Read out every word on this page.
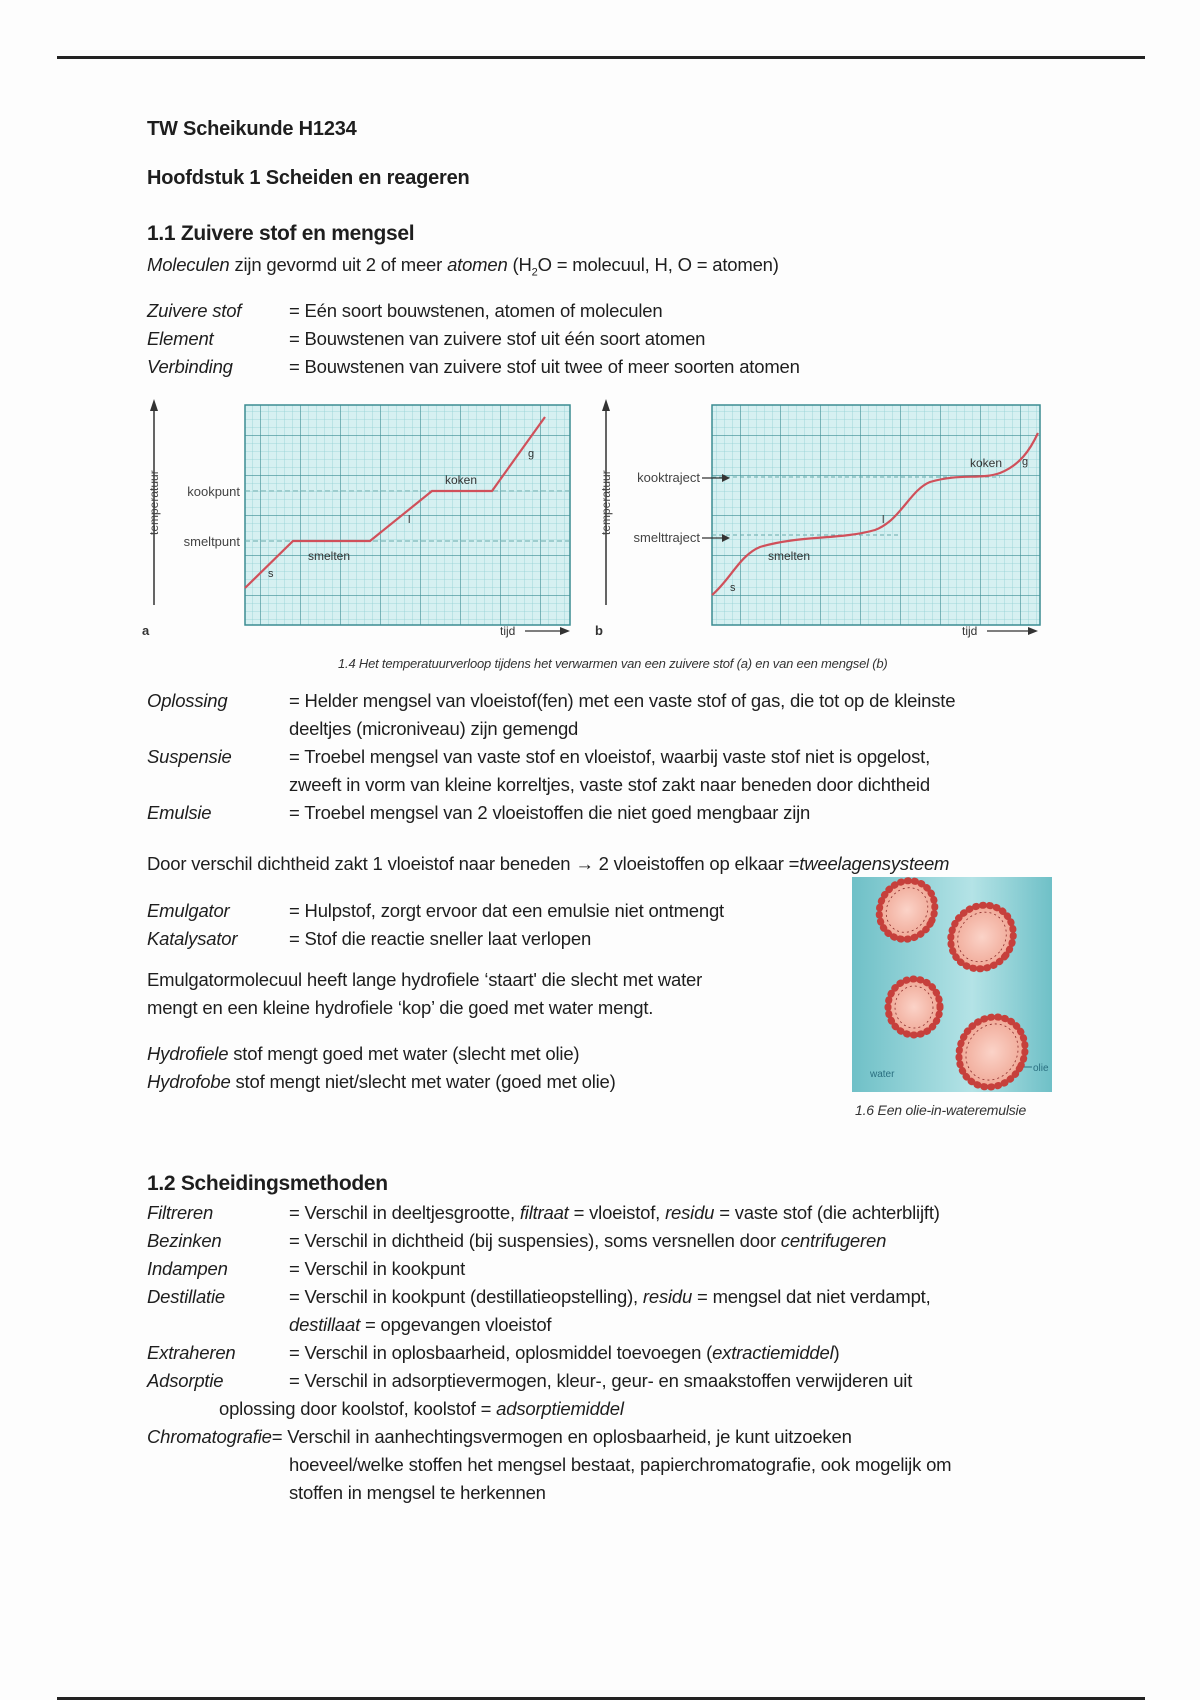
TW Scheikunde H1234
Hoofdstuk 1 Scheiden en reageren
1.1 Zuivere stof en mengsel
Moleculen zijn gevormd uit 2 of meer atomen ($H_2O$ = molecuul, H, O = atomen)
Zuivere stof	= Eén soort bouwstenen, atomen of moleculen
Element	= Bouwstenen van zuivere stof uit één soort atomen
Verbinding	= Bouwstenen van zuivere stof uit twee of meer soorten atomen
temperatuur kookpunt
smeltpunt
smelten
koken
s
l
g
a	tijd
temperatuur kooktraject
smelttraject
smelten
koken
s
l
g
b	tijd
1.4 Het temperatuurverloop tijdens het verwarmen van een zuivere stof (a) en van een mengsel (b)
Oplossing	= Helder mengsel van vloeistof(fen) met een vaste stof of gas, die tot op de kleinste
deeltjes (microniveau) zijn gemengd
Suspensie	= Troebel mengsel van vaste stof en vloeistof, waarbij vaste stof niet is opgelost,
zweeft in vorm van kleine korreltjes, vaste stof zakt naar beneden door dichtheid
Emulsie	= Troebel mengsel van 2 vloeistoffen die niet goed mengbaar zijn
Door verschil dichtheid zakt 1 vloeistof naar beneden → 2 vloeistoffen op elkaar =tweelagensysteem
Emulgator	= Hulpstof, zorgt ervoor dat een emulsie niet ontmengt
Katalysator	= Stof die reactie sneller laat verlopen
Emulgatormolecuul heeft lange hydrofiele ‘staart' die slecht met water
mengt en een kleine hydrofiele ‘kop’ die goed met water mengt.
Hydrofiele stof mengt goed met water (slecht met olie)
Hydrofobe stof mengt niet/slecht met water (goed met olie)	water
olie
1.6 Een olie-in-wateremulsie
1.2 Scheidingsmethoden
Filtreren	= Verschil in deeltjesgrootte, filtraat = vloeistof, residu = vaste stof (die achterblijft)
Bezinken	= Verschil in dichtheid (bij suspensies), soms versnellen door centrifugeren
Indampen	= Verschil in kookpunt
Destillatie	= Verschil in kookpunt (destillatieopstelling), residu = mengsel dat niet verdampt,
destillaat = opgevangen vloeistof
Extraheren	= Verschil in oplosbaarheid, oplosmiddel toevoegen (extractiemiddel)
Adsorptie	= Verschil in adsorptievermogen, kleur-, geur- en smaakstoffen verwijderen uit
oplossing door koolstof, koolstof = adsorptiemiddel
Chromatografie= Verschil in aanhechtingsvermogen en oplosbaarheid, je kunt uitzoeken
hoeveel/welke stoffen het mengsel bestaat, papierchromatografie, ook mogelijk om
stoffen in mengsel te herkennen
